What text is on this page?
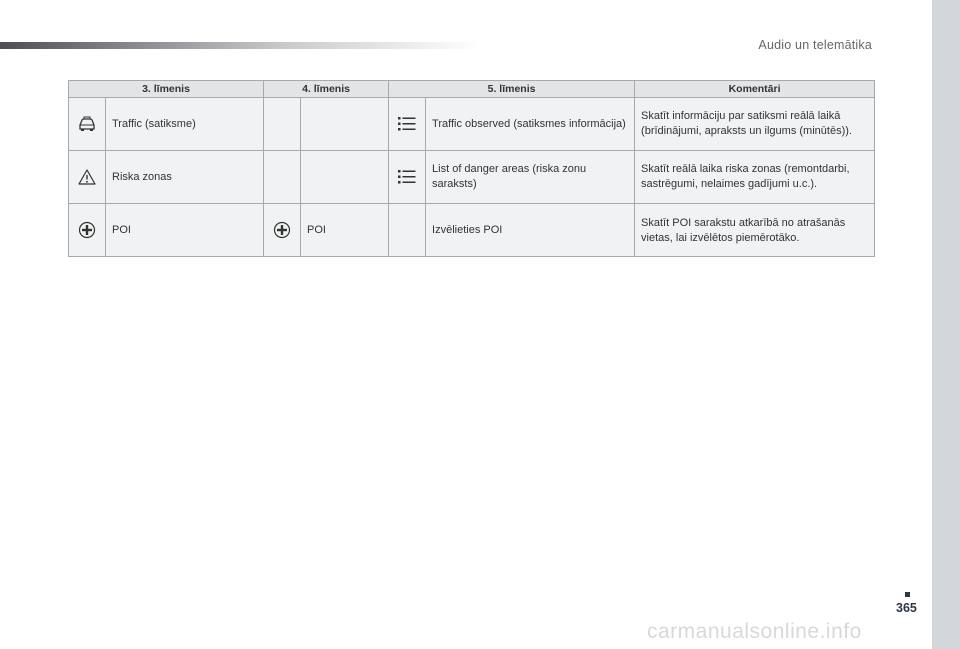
Audio un telemātika
3. līmenis		4. līmenis		5. līmenis		Komentāri

	Traffic (satiksme)				Traffic observed (satiksmes informācija)	Skatīt informāciju par satiksmi reālā laikā (brīdinājumi, apraksts un ilgums (minūtēs)).

	Riska zonas				List of danger areas (riska zonu saraksts)	Skatīt reālā laika riska zonas (remontdarbi, sastrēgumi, nelaimes gadījumi u.c.).

	POI		POI		Izvēlieties POI	Skatīt POI sarakstu atkarībā no atrašanās vietas, lai izvēlētos piemērotāko.
365
carmanualsonline.info
